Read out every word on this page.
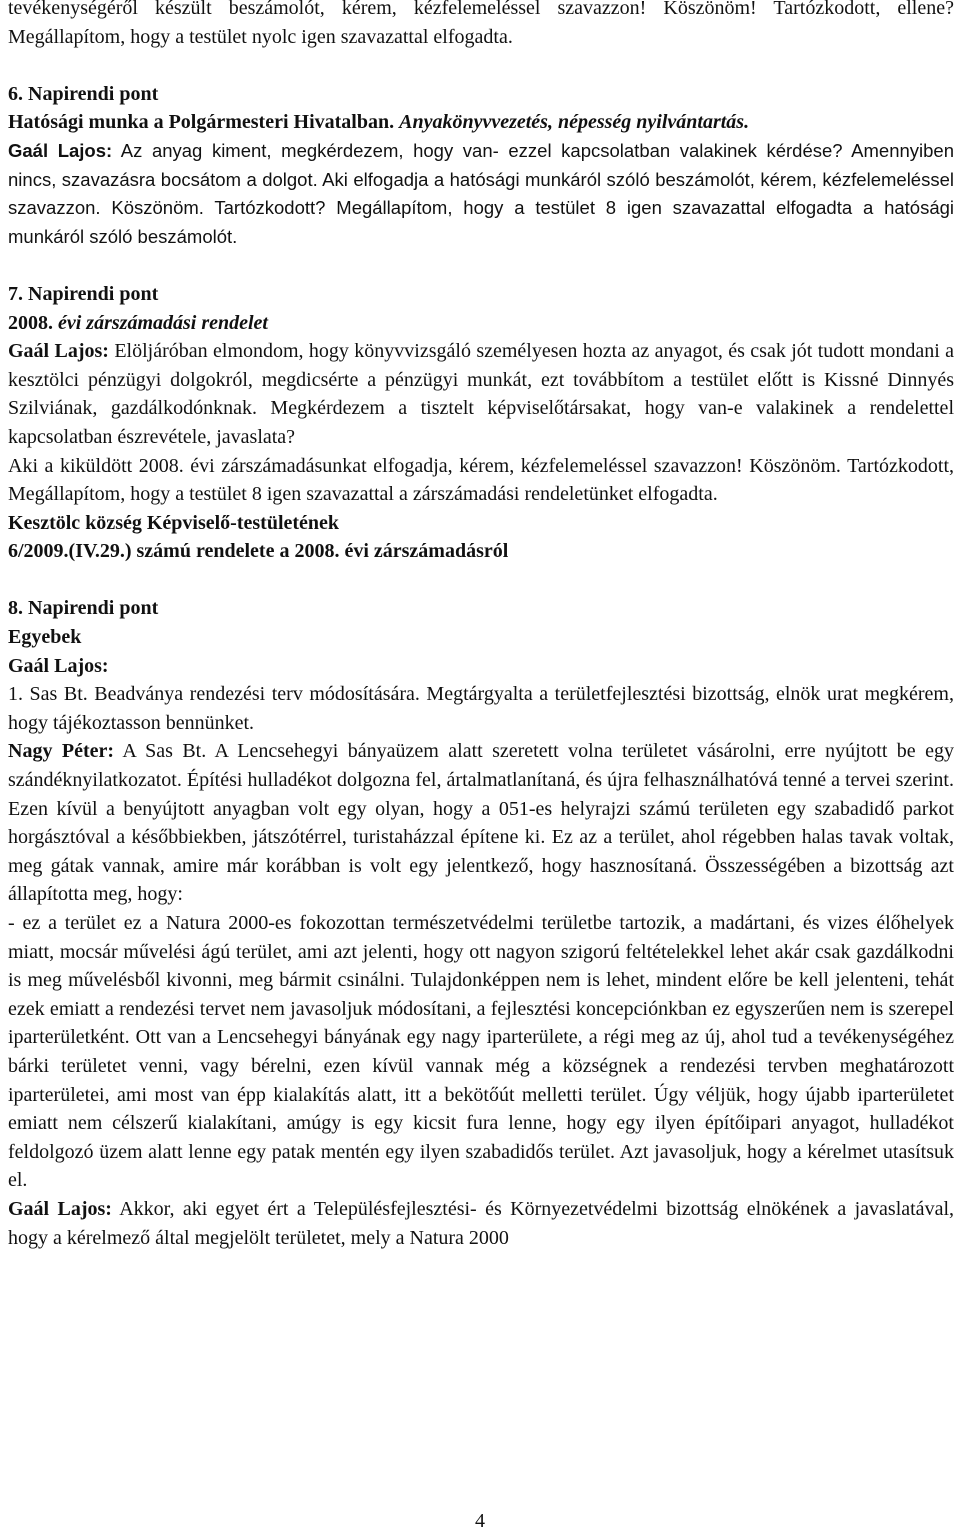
tevékenységéről készült beszámolót, kérem, kézfelemeléssel szavazzon! Köszönöm! Tartózkodott, ellene? Megállapítom, hogy a testület nyolc igen szavazattal elfogadta.

6. Napirendi pont

Hatósági munka a Polgármesteri Hivatalban. Anyakönyvvezetés, népesség nyilvántartás.

Gaál Lajos: Az anyag kiment, megkérdezem, hogy van- ezzel kapcsolatban valakinek kérdése? Amennyiben nincs, szavazásra bocsátom a dolgot. Aki elfogadja a hatósági munkáról szóló beszámolót, kérem, kézfelemeléssel szavazzon. Köszönöm. Tartózkodott? Megállapítom, hogy a testület 8 igen szavazattal elfogadta a hatósági munkáról szóló beszámolót.

7. Napirendi pont

2008. évi zárszámadási rendelet

Gaál Lajos: Elöljáróban elmondom, hogy könyvvizsgáló személyesen hozta az anyagot, és csak jót tudott mondani a kesztölci pénzügyi dolgokról, megdicsérte a pénzügyi munkát, ezt továbbítom a testület előtt is Kissné Dinnyés Szilviának, gazdálkodónknak. Megkérdezem a tisztelt képviselőtársakat, hogy van-e valakinek a rendelettel kapcsolatban észrevétele, javaslata?

Aki a kiküldött 2008. évi zárszámadásunkat elfogadja, kérem, kézfelemeléssel szavazzon! Köszönöm. Tartózkodott, Megállapítom, hogy a testület 8 igen szavazattal a zárszámadási rendeletünket elfogadta.

Kesztölc község Képviselő-testületének

6/2009.(IV.29.) számú rendelete a 2008. évi zárszámadásról

8. Napirendi pont

Egyebek

Gaál Lajos:

1. Sas Bt. Beadványa rendezési terv módosítására. Megtárgyalta a területfejlesztési bizottság, elnök urat megkérem, hogy tájékoztasson bennünket.

Nagy Péter: A Sas Bt. A Lencsehegyi bányaüzem alatt szeretett volna területet vásárolni, erre nyújtott be egy szándéknyilatkozatot. Építési hulladékot dolgozna fel, ártalmatlanítaná, és újra felhasználhatóvá tenné a tervei szerint. Ezen kívül a benyújtott anyagban volt egy olyan, hogy a 051-es helyrajzi számú területen egy szabadidő parkot horgásztóval a későbbiekben, játszótérrel, turistaházzal építene ki. Ez az a terület, ahol régebben halas tavak voltak, meg gátak vannak, amire már korábban is volt egy jelentkező, hogy hasznosítaná. Összességében a bizottság azt állapította meg, hogy:

- ez a terület ez a Natura 2000-es fokozottan természetvédelmi területbe tartozik, a madártani, és vizes élőhelyek miatt, mocsár művelési ágú terület, ami azt jelenti, hogy ott nagyon szigorú feltételekkel lehet akár csak gazdálkodni is meg művelésből kivonni, meg bármit csinálni. Tulajdonképpen nem is lehet, mindent előre be kell jelenteni, tehát ezek emiatt a rendezési tervet nem javasoljuk módosítani, a fejlesztési koncepciónkban ez egyszerűen nem is szerepel iparterületként. Ott van a Lencsehegyi bányának egy nagy iparterülete, a régi meg az új, ahol tud a tevékenységéhez bárki területet venni, vagy bérelni, ezen kívül vannak még a községnek a rendezési tervben meghatározott iparterületei, ami most van épp kialakítás alatt, itt a bekötőút melletti terület. Úgy véljük, hogy újabb iparterületet emiatt nem célszerű kialakítani, amúgy is egy kicsit fura lenne, hogy egy ilyen építőipari anyagot, hulladékot feldolgozó üzem alatt lenne egy patak mentén egy ilyen szabadidős terület. Azt javasoljuk, hogy a kérelmet utasítsuk el.

Gaál Lajos: Akkor, aki egyet ért a Településfejlesztési- és Környezetvédelmi bizottság elnökének a javaslatával, hogy a kérelmező által megjelölt területet, mely a Natura 2000

4
